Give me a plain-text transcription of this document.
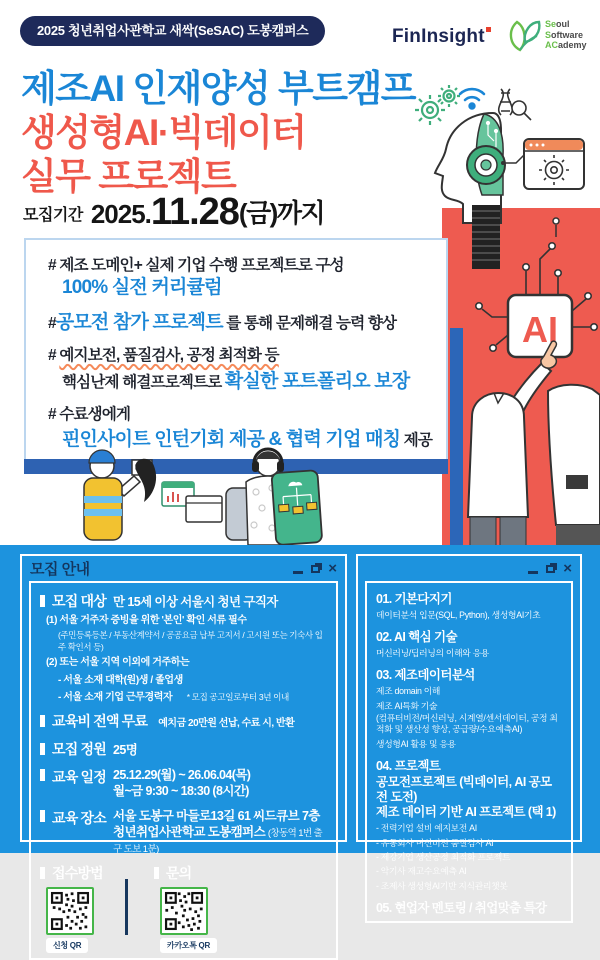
2025 청년취업사관학교 새싹(SeSAC) 도봉캠퍼스	FinInsight
Seoul
Software
ACademy
제조AI 인재양성 부트캠프
생성형AI·빅데이터
실무 프로젝트
모집기간 2025. 11.28 (금)까지
AI
# 제조 도메인+ 실제 기업 수행 프로젝트로 구성
100% 실전 커리큘럼
#공모전 참가 프로젝트 를 통해 문제해결 능력 향상
# 예지보전, 품질검사, 공정 최적화 등
핵심난제 해결프로젝트로 확실한 포트폴리오 보장
# 수료생에게
핀인사이트 인턴기회 제공 & 협력 기업 매칭 제공
모집 안내	×
모집 대상 만 15세 이상 서울시 청년 구직자
(1) 서울 거주자 증빙을 위한 '본인' 확인 서류 필수
(주민등록등본 / 부동산계약서 / 공공요금 납부 고지서 / 고시원 또는 기숙사 입주 확인서 등)
(2) 또는 서울 지역 이외에 거주하는
- 서울 소재 대학(원)생 / 졸업생
- 서울 소재 기업 근무경력자 * 모집 공고일로부터 3년 이내
교육비 전액 무료 예치금 20만원 선납, 수료 시, 반환
모집 정원 25명
교육 일정 25.12.29(월) ~ 26.06.04(목)
월~금 9:30 ~ 18:30 (8시간)
교육 장소 서울 도봉구 마들로13길 61 씨드큐브 7층
청년취업사관학교 도봉캠퍼스 (창동역 1번 출구 도보 1분)
접수방법
신청 QR
문의
카카오톡 QR
×
01. 기본다지기
데이터분석 입문(SQL, Python), 생성형AI기초
02. AI 핵심 기술
머신러닝/딥러닝의 이해와 응용
03. 제조데이터분석
제조 domain 이해
제조 AI특화 기술
(컴퓨터비전/머신러닝, 시계열/센서데이터, 공정 최적화 및 생산성 향상, 공급량/수요예측AI)
생성형AI 활용 및 응용
04. 프로젝트
공모전프로젝트 (빅데이터, AI 공모전 도전)
제조 데이터 기반 AI 프로젝트 (택 1)
- 전력기업 설비 예지보전 AI
- 유통회사 머신비전 품질검사 AI
- 제강기업 생산공정 최적화 프로젝트
- 악기사 재고수요예측 AI
- 조제사 생성형AI기반 지식관리챗봇
05. 현업자 멘토링 / 취업맞춤 특강
